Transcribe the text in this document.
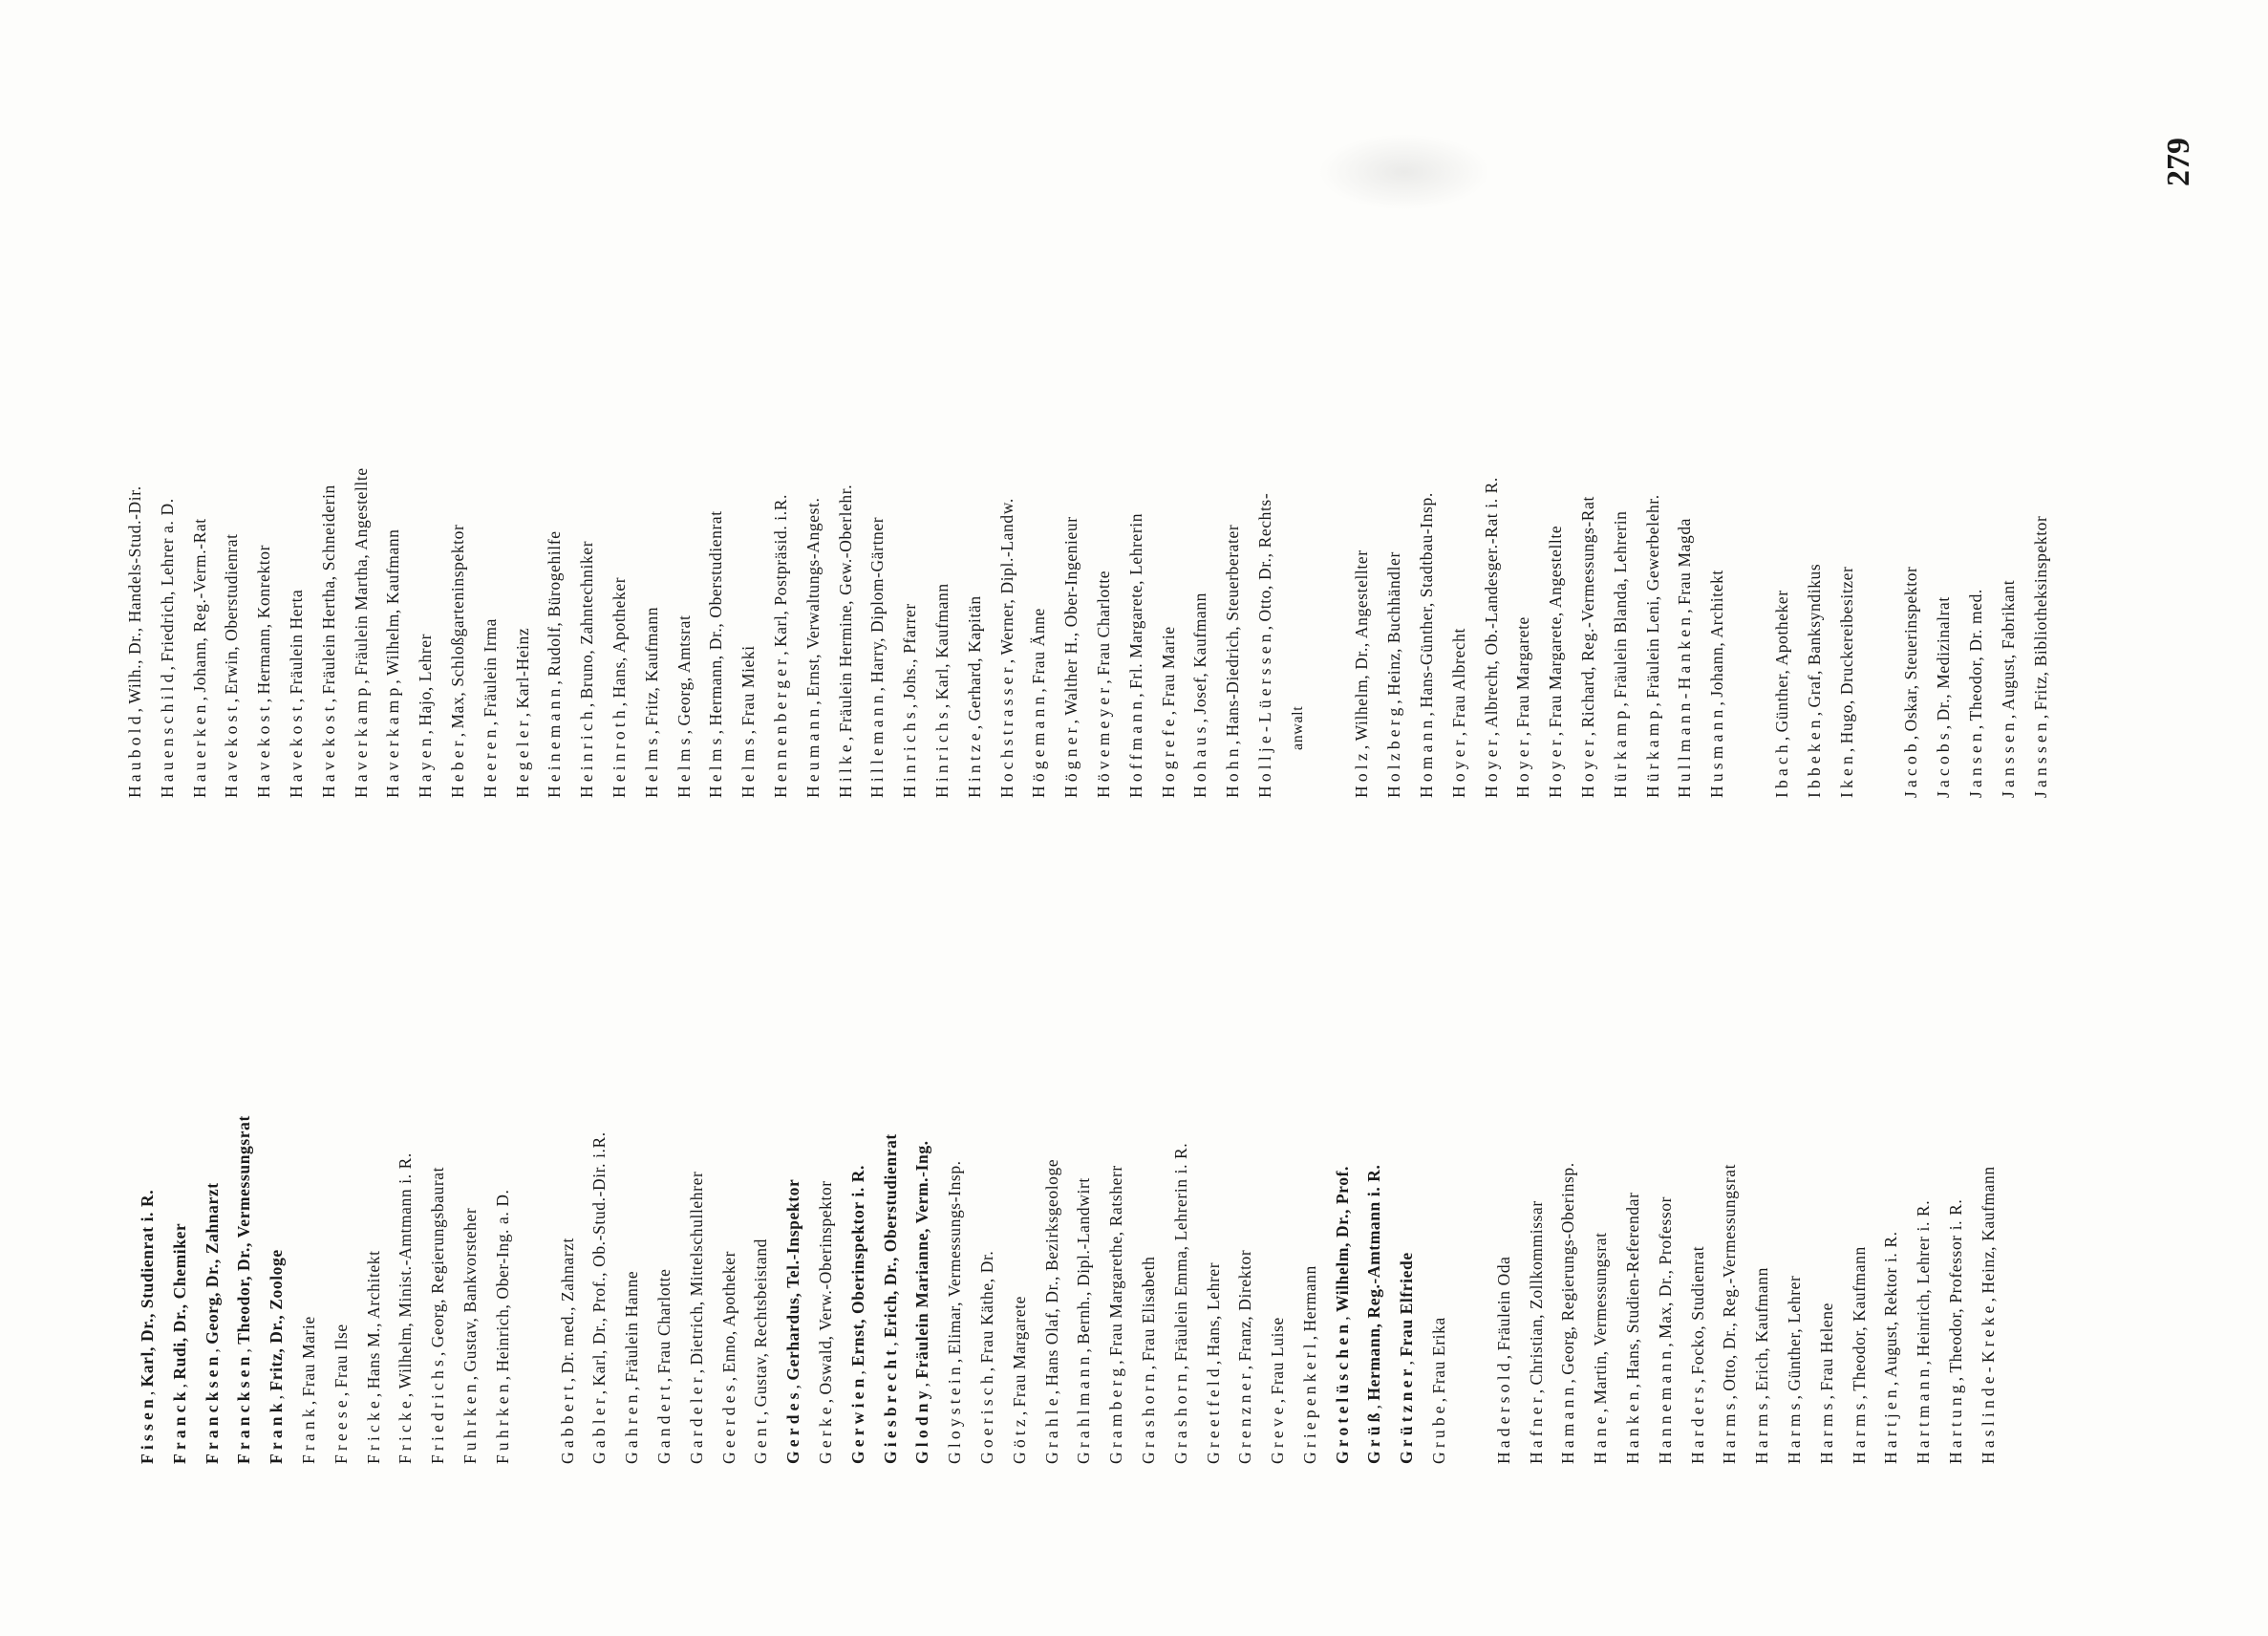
Fissen, Karl, Dr., Studienrat i. R.
Franck, Rudi, Dr., Chemiker
Francksen, Georg, Dr., Zahnarzt
Francksen, Theodor, Dr., Vermessungsrat
Frank, Fritz, Dr., Zoologe
Frank, Frau Marie
Freese, Frau Ilse
Fricke, Hans M., Architekt
Fricke, Wilhelm, Minist.-Amtmann i. R.
Friedrichs, Georg, Regierungsbaurat
Fuhrken, Gustav, Bankvorsteher
Fuhrken, Heinrich, Ober-Ing. a. D.
Gabbert, Dr. med., Zahnarzt
Gabler, Karl, Dr., Prof., Ob.-Stud.-Dir. i.R.
Gahren, Fräulein Hanne
Gandert, Frau Charlotte
Gardeler, Dietrich, Mittelschullehrer
Geerdes, Enno, Apotheker
Gent, Gustav, Rechtsbeistand
Gerdes, Gerhardus, Tel.-Inspektor
Gerke, Oswald, Verw.-Oberinspektor
Gerwien, Ernst, Oberinspektor i. R.
Giesbrecht, Erich, Dr., Oberstudienrat
Glodny, Fräulein Marianne, Verm.-Ing.
Gloystein, Elimar, Vermessungs-Insp.
Goerisch, Frau Käthe, Dr.
Götz, Frau Margarete
Grahle, Hans Olaf, Dr., Bezirksgeologe
Grahlmann, Bernh., Dipl.-Landwirt
Gramberg, Frau Margarethe, Ratsherr
Grashorn, Frau Elisabeth
Grashorn, Fräulein Emma, Lehrerin i. R.
Greetfeld, Hans, Lehrer
Grenzner, Franz, Direktor
Greve, Frau Luise Griepenkerl, Hermann
Grotelüschen, Wilhelm, Dr., Prof.
Grüß, Hermann, Reg.-Amtmann i. R.
Grützner, Frau Elfriede
Grube, Frau Erika
Hadersold, Fräulein Oda
Hafner, Christian, Zollkommissar
Hamann, Georg, Regierungs-Oberinsp.
Hane, Martin, Vermessungsrat
Hanken, Hans, Studien-Referendar
Hannemann, Max, Dr., Professor
Harders, Focko, Studienrat
Harms, Otto, Dr., Reg.-Vermessungsrat
Harms, Erich, Kaufmann
Harms, Günther, Lehrer
Harms, Frau Helene
Harms, Theodor, Kaufmann
Hartjen, August, Rektor i. R.
Hartmann, Heinrich, Lehrer i. R.
Hartung, Theodor, Professor i. R.
Haslinde-Kreke, Heinz, Kaufmann
Haubold, Wilh., Dr., Handels-Stud.-Dir.
Hauenschild, Friedrich, Lehrer a. D.
Hauerken, Johann, Reg.-Verm.-Rat
Havekost, Erwin, Oberstudienrat
Havekost, Hermann, Konrektor
Havekost, Fräulein Herta
Havekost, Fräulein Hertha, Schneiderin
Haverkamp, Fräulein Martha, Angestellte
Haverkamp, Wilhelm, Kaufmann
Hayen, Hajo, Lehrer
Heber, Max, Schloßgarteninspektor
Heeren, Fräulein Irma
Hegeler, Karl-Heinz
Heinemann, Rudolf, Bürogehilfe
Heinrich, Bruno, Zahntechniker
Heinroth, Hans, Apotheker
Helms, Fritz, Kaufmann
Helms, Georg, Amtsrat
Helms, Hermann, Dr., Oberstudienrat
Helms, Frau Mieki Hennenberger, Karl, Postpräsid. i.R.
Heumann, Ernst, Verwaltungs-Angest.
Hilke, Fräulein Hermine, Gew.-Oberlehr.
Hillemann, Harry, Diplom-Gärtner
Hinrichs, Johs., Pfarrer
Hinrichs, Karl, Kaufmann
Hintze, Gerhard, Kapitän
Hochstrasser, Werner, Dipl.-Landw.
Högemann, Frau Änne
Högner, Walther H., Ober-Ingenieur
Hövemeyer, Frau Charlotte
Hoffmann, Frl. Margarete, Lehrerin
Hogrefe, Frau Marie
Hohaus, Josef, Kaufmann
Hohn, Hans-Diedrich, Steuerberater Hollje-Lüerssen, Otto, Dr., Rechts-
anwalt
Holz, Wilhelm, Dr., Angestellter
Holzberg, Heinz, Buchhändler
Homann, Hans-Günther, Stadtbau-Insp.
Hoyer, Frau Albrecht
Hoyer, Albrecht, Ob.-Landesger.-Rat i. R.
Hoyer, Frau Margarete
Hoyer, Frau Margarete, Angestellte
Hoyer, Richard, Reg.-Vermessungs-Rat
Hürkamp, Fräulein Blanda, Lehrerin
Hürkamp, Fräulein Leni, Gewerbelehr.
Hullmann-Hanken, Frau Magda
Husmann, Johann, Architekt
Ibach, Günther, Apotheker
Ibbeken, Graf, Banksyndikus
Iken, Hugo, Druckereibesitzer
Jacob, Oskar, Steuerinspektor
Jacobs, Dr., Medizinalrat
Jansen, Theodor, Dr. med.
Janssen, August, Fabrikant
Janssen, Fritz, Bibliotheksinspektor
279
